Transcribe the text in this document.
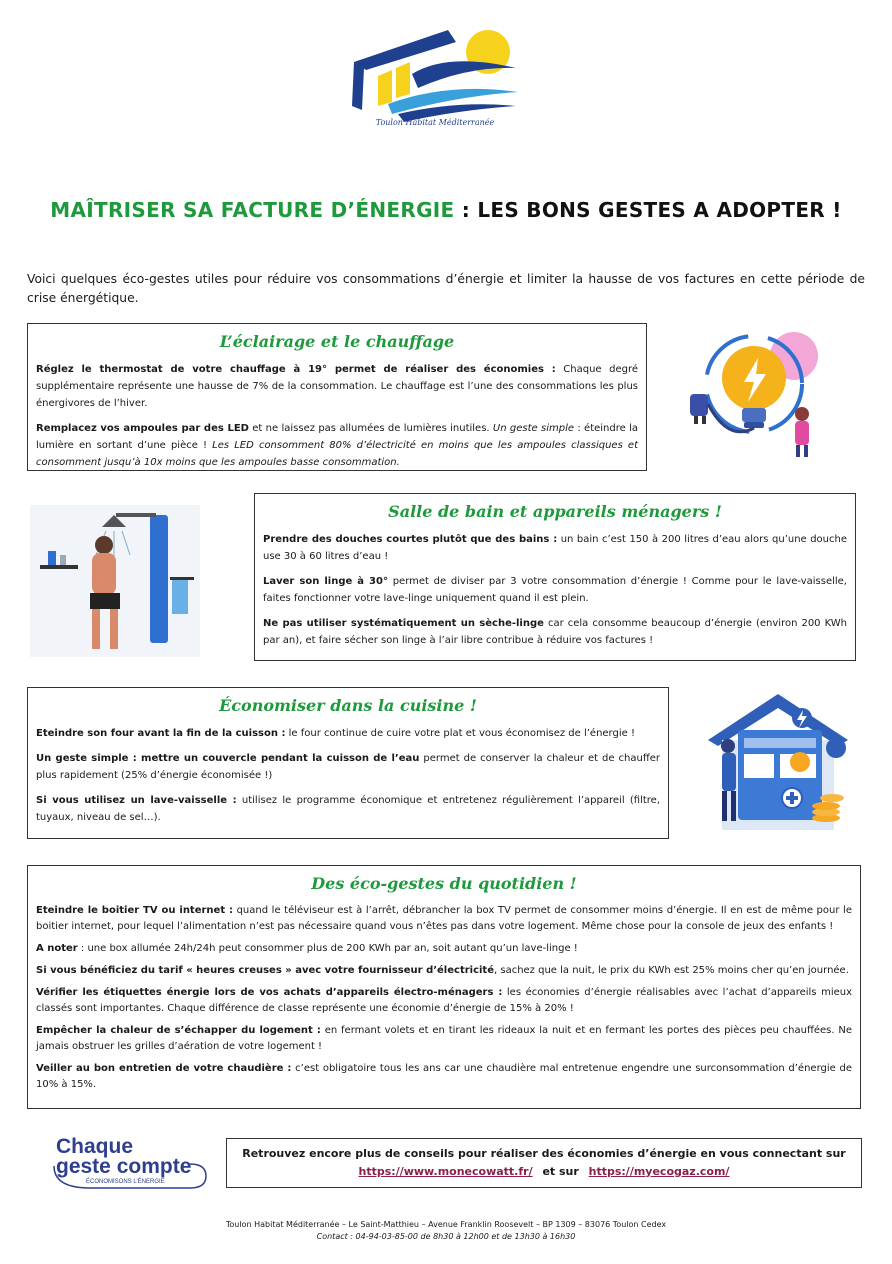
Toulon Habitat Méditerranée
MAÎTRISER SA FACTURE D’ÉNERGIE : LES BONS GESTES A ADOPTER !
Voici quelques éco-gestes utiles pour réduire vos consommations d’énergie et limiter la hausse de vos factures en cette période de crise énergétique.
L’éclairage et le chauffage

Réglez le thermostat de votre chauffage à 19° permet de réaliser des économies : Chaque degré supplémentaire représente une hausse de 7% de la consommation. Le chauffage est l’une des consommations les plus énergivores de l’hiver.

Remplacez vos ampoules par des LED et ne laissez pas allumées de lumières inutiles. Un geste simple : éteindre la lumière en sortant d’une pièce ! Les LED consomment 80% d’électricité en moins que les ampoules classiques et consomment jusqu’à 10x moins que les ampoules basse consommation.

Salle de bain et appareils ménagers !

Prendre des douches courtes plutôt que des bains : un bain c’est 150 à 200 litres d’eau alors qu’une douche use 30 à 60 litres d’eau !

Laver son linge à 30° permet de diviser par 3 votre consommation d’énergie ! Comme pour le lave-vaisselle, faites fonctionner votre lave-linge uniquement quand il est plein.

Ne pas utiliser systématiquement un sèche-linge car cela consomme beaucoup d’énergie (environ 200 KWh par an), et faire sécher son linge à l’air libre contribue à réduire vos factures !

Économiser dans la cuisine !

Eteindre son four avant la fin de la cuisson : le four continue de cuire votre plat et vous économisez de l’énergie !

Un geste simple : mettre un couvercle pendant la cuisson de l’eau permet de conserver la chaleur et de chauffer plus rapidement (25% d’énergie économisée !)

Si vous utilisez un lave-vaisselle : utilisez le programme économique et entretenez régulièrement l’appareil (filtre, tuyaux, niveau de sel…).

Des éco-gestes du quotidien !

Eteindre le boitier TV ou internet : quand le téléviseur est à l’arrêt, débrancher la box TV permet de consommer moins d’énergie. Il en est de même pour le boitier internet, pour lequel l’alimentation n’est pas nécessaire quand vous n’êtes pas dans votre logement. Même chose pour la console de jeux des enfants !

A noter : une box allumée 24h/24h peut consommer plus de 200 KWh par an, soit autant qu’un lave-linge !

Si vous bénéficiez du tarif « heures creuses » avec votre fournisseur d’électricité, sachez que la nuit, le prix du KWh est 25% moins cher qu’en journée.

Vérifier les étiquettes énergie lors de vos achats d’appareils électro-ménagers : les économies d’énergie réalisables avec l’achat d’appareils mieux classés sont importantes. Chaque différence de classe représente une économie d’énergie de 15% à 20% !

Empêcher la chaleur de s’échapper du logement : en fermant volets et en tirant les rideaux la nuit et en fermant les portes des pièces peu chauffées. Ne jamais obstruer les grilles d’aération de votre logement !

Veiller au bon entretien de votre chaudière : c’est obligatoire tous les ans car une chaudière mal entretenue engendre une surconsommation d’énergie de 10% à 15%.

Chaque
geste compte
ÉCONOMISONS L’ÉNERGIE
Retrouvez encore plus de conseils pour réaliser des économies d’énergie en vous connectant sur
https://www.monecowatt.fr/ et sur https://myecogaz.com/
Toulon Habitat Méditerranée – Le Saint-Matthieu – Avenue Franklin Roosevelt – BP 1309 – 83076 Toulon Cedex
Contact : 04-94-03-85-00 de 8h30 à 12h00 et de 13h30 à 16h30
